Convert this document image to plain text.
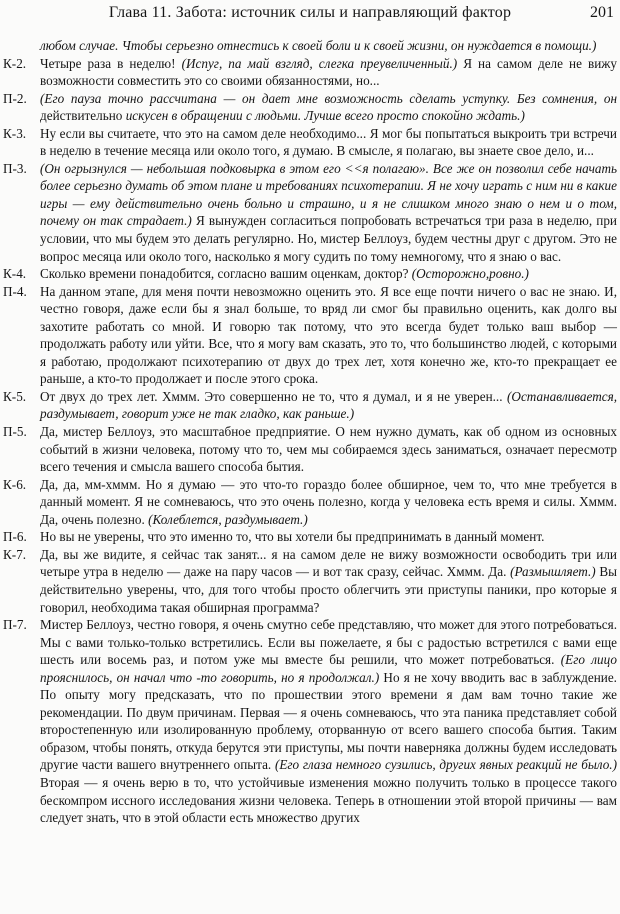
Глава 11. Забота: источник силы и направляющий фактор	201

любом случае. Чтобы серьезно отнестись к своей боли и к своей жизни, он нуждается в помощи.)

К-2. Четыре раза в неделю! (Испуг, па май взгляд, слегка преувеличенный.) Я на самом деле не вижу возможности совместить это со своими обязанностями, но...

П-2. (Его пауза точно рассчитана — он дает мне возможность сделать уступку. Без сомнения, он действительно искусен в обращении с людьми. Лучше всего просто спокойно ждать.)

К-3. Ну если вы считаете, что это на самом деле необходимо... Я мог бы попытаться выкроить три встречи в неделю в течение месяца или около того, я думаю. В смысле, я полагаю, вы знаете свое дело, и...

П-3. (Он огрызнулся — небольшая подковырка в этом его <<я полагаю». Все же он позволил себе начать более серьезно думать об этом плане и требованиях психотерапии. Я не хочу играть с ним ни в какие игры — ему действительно очень больно и страшно, и я не слишком много знаю о нем и о том, почему он так страдает.) Я вынужден согласиться попробовать встречаться три раза в неделю, при условии, что мы будем это делать регулярно. Но, мистер Беллоуз, будем честны друг с другом. Это не вопрос месяца или около того, насколько я могу судить по тому немногому, что я знаю о вас.

К-4. Сколько времени понадобится, согласно вашим оценкам, доктор? (Осторожно,ровно.)

П-4. На данном этапе, для меня почти невозможно оценить это. Я все еще почти ничего о вас не знаю. И, честно говоря, даже если бы я знал больше, то вряд ли смог бы правильно оценить, как долго вы захотите работать со мной. И говорю так потому, что это всегда будет только ваш выбор — продолжать работу или уйти. Все, что я могу вам сказать, это то, что большинство людей, с которыми я работаю, продолжают психотерапию от двух до трех лет, хотя конечно же, кто-то прекращает ее раньше, а кто-то продолжает и после этого срока.

К-5. От двух до трех лет. Хммм. Это совершенно не то, что я думал, и я не уверен... (Останавливается, раздумывает, говорит уже не так гладко, как раньше.)

П-5. Да, мистер Беллоуз, это масштабное предприятие. О нем нужно думать, как об одном из основных событий в жизни человека, потому что то, чем мы собираемся здесь заниматься, означает пересмотр всего течения и смысла вашего способа бытия.

К-6. Да, да, мм-хммм. Но я думаю — это что-то гораздо более обширное, чем то, что мне требуется в данный момент. Я не сомневаюсь, что это очень полезно, когда у человека есть время и силы. Хммм. Да, очень полезно. (Колеблется, раздумывает.)

П-6. Но вы не уверены, что это именно то, что вы хотели бы предпринимать в данный момент.

К-7. Да, вы же видите, я сейчас так занят... я на самом деле не вижу возможности освободить три или четыре утра в неделю — даже на пару часов — и вот так сразу, сейчас. Хммм. Да. (Размышляет.) Вы действительно уверены, что, для того чтобы просто облегчить эти приступы паники, про которые я говорил, необходима такая обширная программа?

П-7. Мистер Беллоуз, честно говоря, я очень смутно себе представляю, что может для этого потребоваться. Мы с вами только-только встретились. Если вы пожелаете, я бы с радостью встретился с вами еще шесть или восемь раз, и потом уже мы вместе бы решили, что может потребоваться. (Его лицо прояснилось, он начал что -то говорить, но я продолжал.) Но я не хочу вводить вас в заблуждение. По опыту могу предсказать, что по прошествии этого времени я дам вам точно такие же рекомендации. По двум причинам. Первая — я очень сомневаюсь, что эта паника представляет собой второстепенную или изолированную проблему, оторванную от всего вашего способа бытия. Таким образом, чтобы понять, откуда берутся эти приступы, мы почти наверняка должны будем исследовать другие части вашего внутреннего опыта. (Его глаза немного сузились, других явных реакций не было.) Вторая — я очень верю в то, что устойчивые изменения можно получить только в процессе такого бескомпром иссного исследования жизни человека. Теперь в отношении этой второй причины — вам следует знать, что в этой области есть множество других
